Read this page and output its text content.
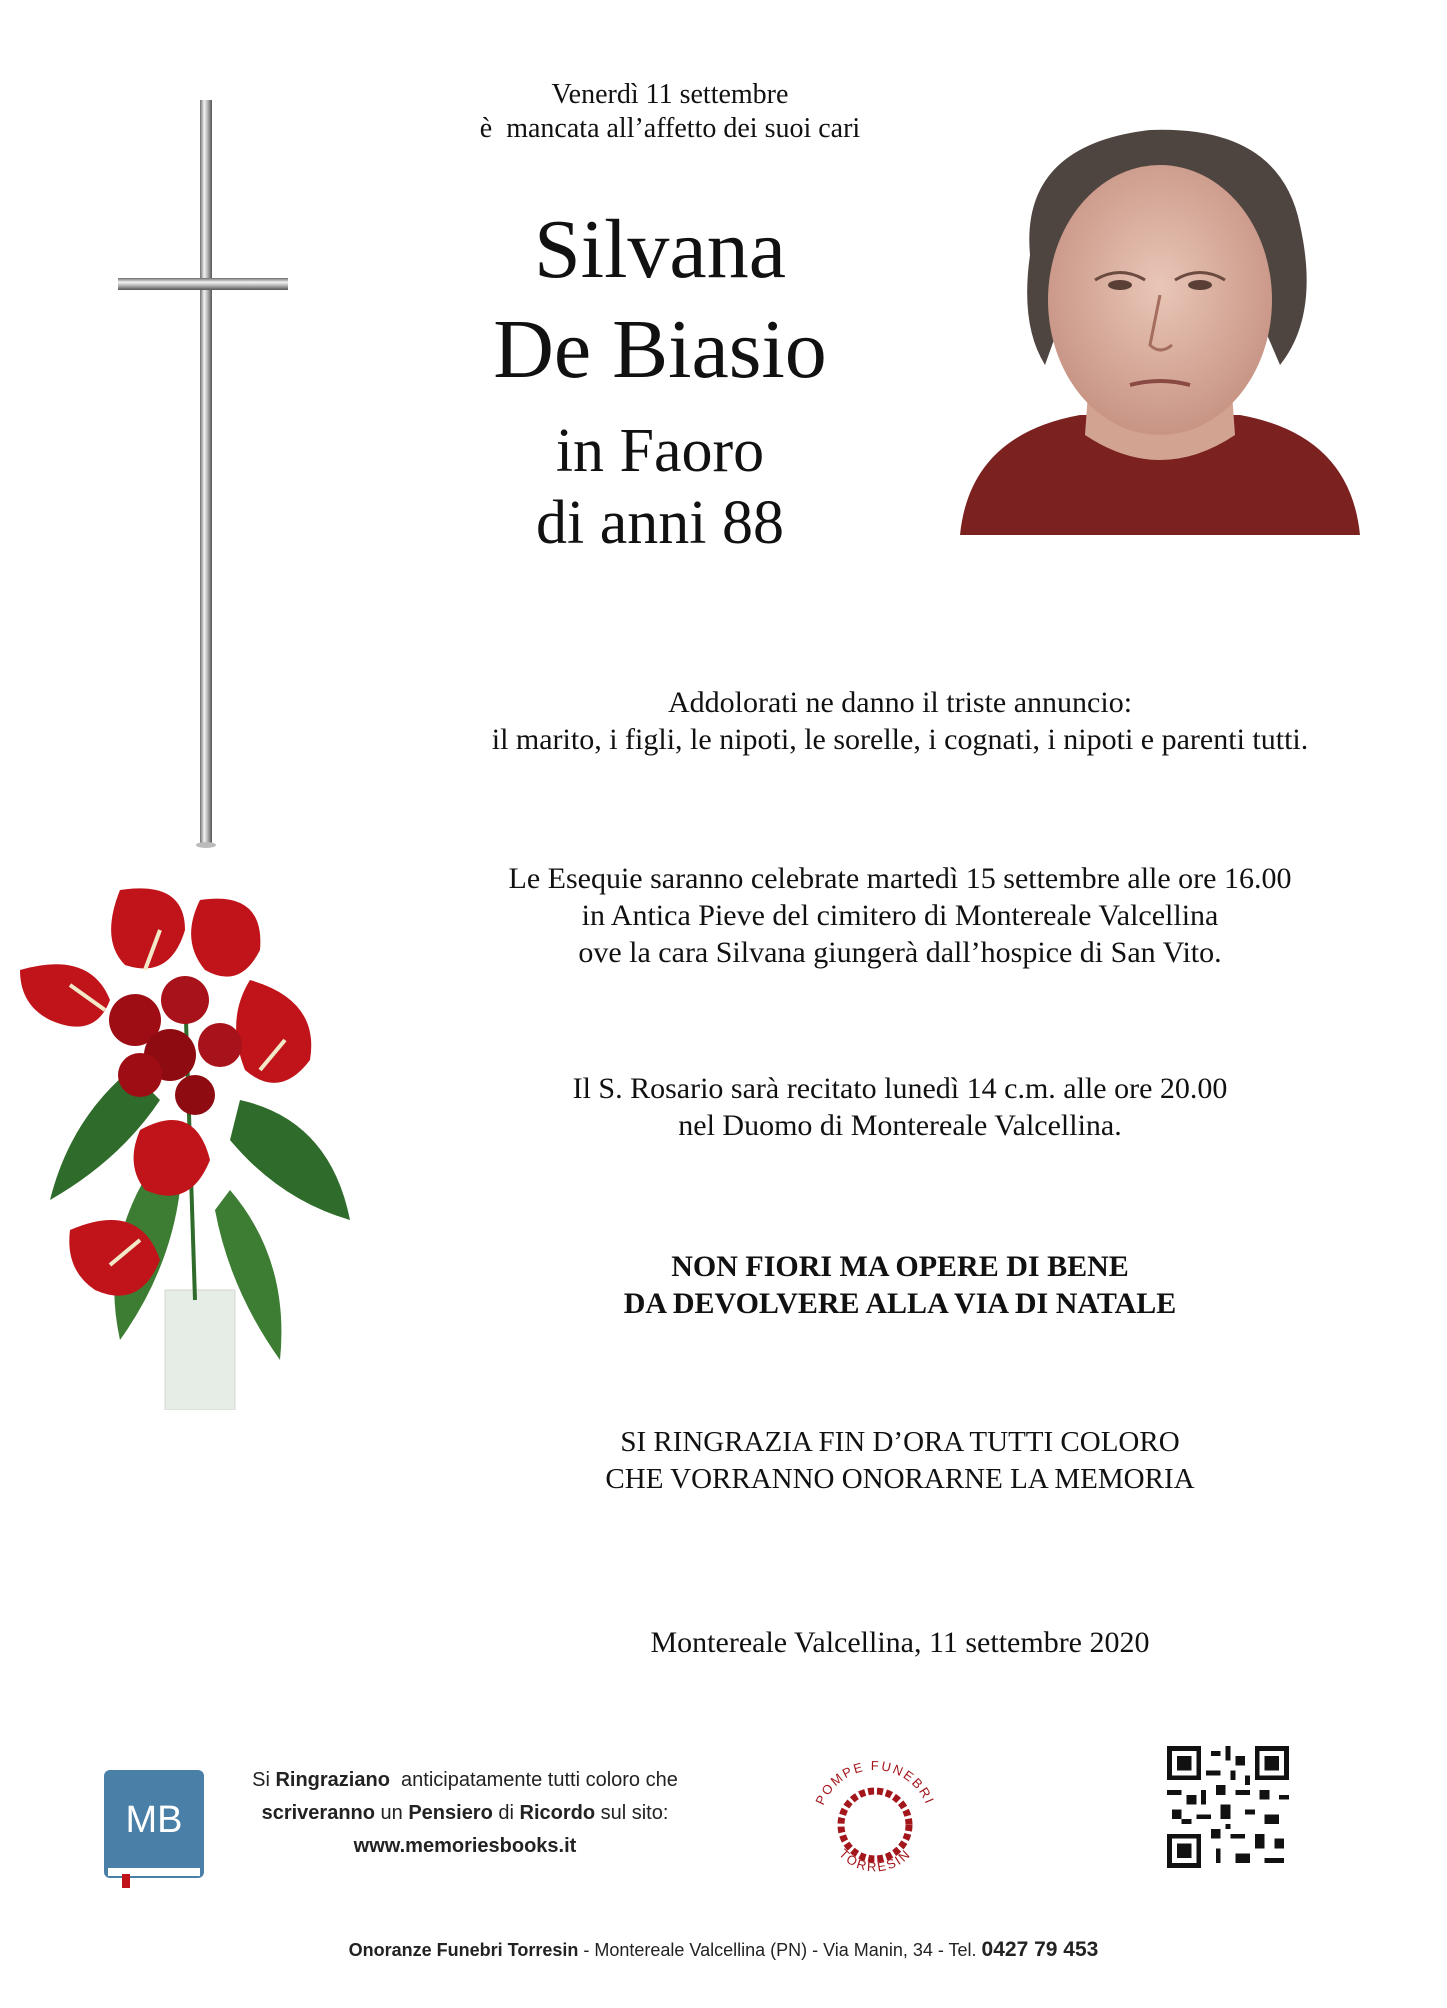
Venerdì 11 settembre
è  mancata all’affetto dei suoi cari
Silvana
De Biasio
in Faoro
di anni 88
Addolorati ne danno il triste annuncio:
il marito, i figli, le nipoti, le sorelle, i cognati, i nipoti e parenti tutti.
Le Esequie saranno celebrate martedì 15 settembre alle ore 16.00
in Antica Pieve del cimitero di Montereale Valcellina
ove la cara Silvana giungerà dall’hospice di San Vito.
Il S. Rosario sarà recitato lunedì 14 c.m. alle ore 20.00
nel Duomo di Montereale Valcellina.
NON FIORI MA OPERE DI BENE
DA DEVOLVERE ALLA VIA DI NATALE
SI RINGRAZIA FIN D’ORA TUTTI COLORO
CHE VORRANNO ONORARNE LA MEMORIA
Montereale Valcellina, 11 settembre 2020
MB
Si Ringraziano  anticipatamente tutti coloro che
scriveranno un Pensiero di Ricordo sul sito:
www.memoriesbooks.it
POMPE FUNEBRI
TORRESIN
Onoranze Funebri Torresin - Montereale Valcellina (PN) - Via Manin, 34 - Tel. 0427 79 453
